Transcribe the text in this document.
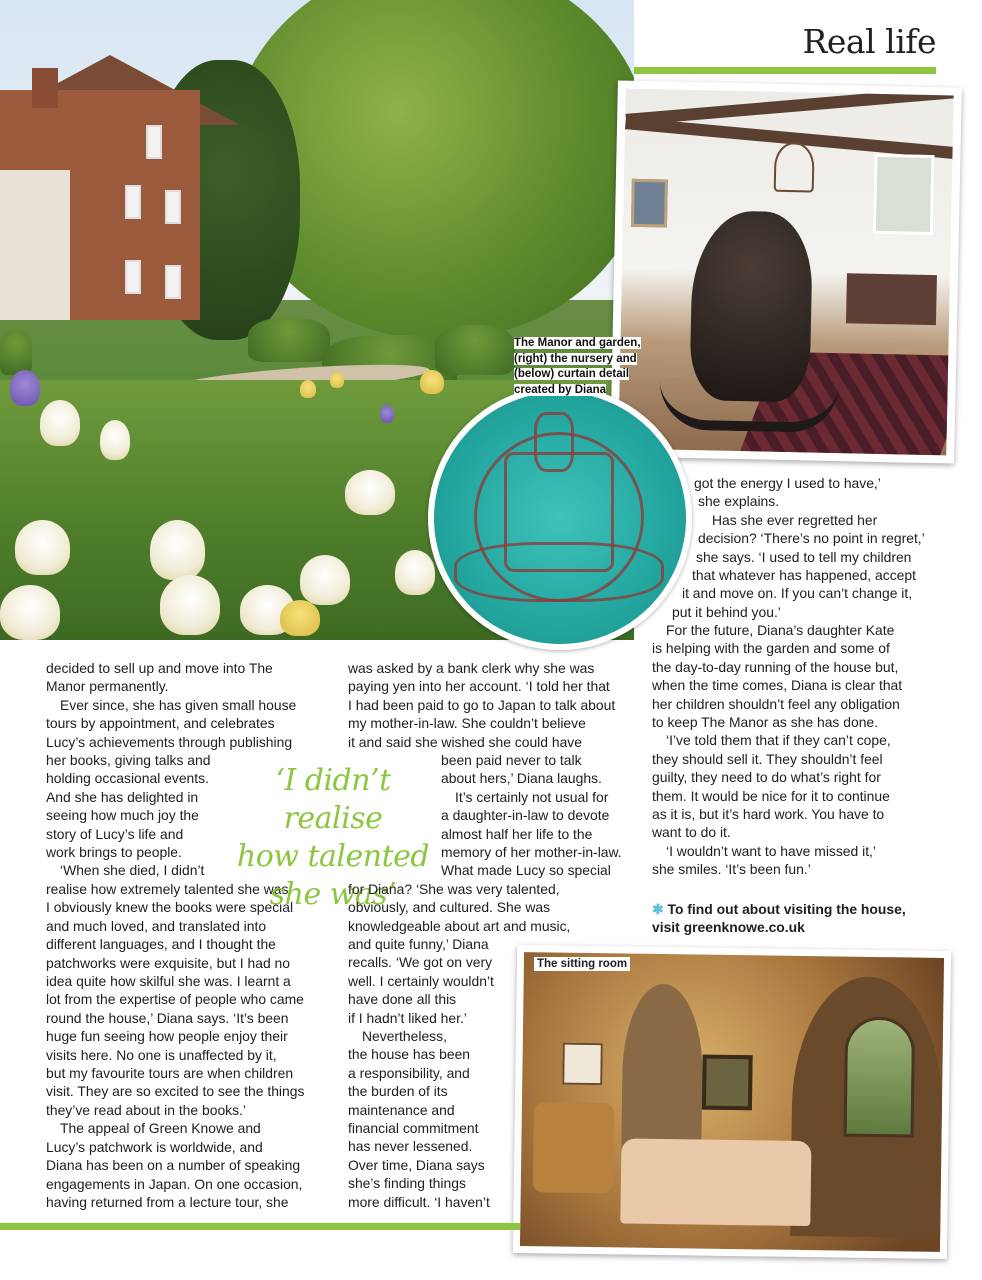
Real life
The Manor and garden,
(right) the nursery and
(below) curtain detail
created by Diana
The sitting room

decided to sell up and move into The

Manor permanently.

Ever since, she has given small house

tours by appointment, and celebrates

Lucy’s achievements through publishing

her books, giving talks and

holding occasional events.

And she has delighted in

seeing how much joy the

story of Lucy’s life and

work brings to people.

‘When she died, I didn’t

realise how extremely talented she was.

I obviously knew the books were special

and much loved, and translated into

different languages, and I thought the

patchworks were exquisite, but I had no

idea quite how skilful she was. I learnt a

lot from the expertise of people who came

round the house,’ Diana says. ‘It’s been

huge fun seeing how people enjoy their

visits here. No one is unaffected by it,

but my favourite tours are when children

visit. They are so excited to see the things

they’ve read about in the books.’

The appeal of Green Knowe and

Lucy’s patchwork is worldwide, and

Diana has been on a number of speaking

engagements in Japan. On one occasion,

having returned from a lecture tour, she

‘I didn’t realise
how talented
she was’

was asked by a bank clerk why she was

paying yen into her account. ‘I told her that

I had been paid to go to Japan to talk about

my mother-in-law. She couldn’t believe

it and said she wished she could have

been paid never to talk

about hers,’ Diana laughs.

It’s certainly not usual for

a daughter-in-law to devote

almost half her life to the

memory of her mother-in-law.

What made Lucy so special

for Diana? ‘She was very talented,

obviously, and cultured. She was

knowledgeable about art and music,

and quite funny,’ Diana

recalls. ‘We got on very

well. I certainly wouldn’t

have done all this

if I hadn’t liked her.’

Nevertheless,

the house has been

a responsibility, and

the burden of its

maintenance and

financial commitment

has never lessened.

Over time, Diana says

she’s finding things

more difficult. ‘I haven’t

got the energy I used to have,’

she explains.

Has she ever regretted her

decision? ‘There’s no point in regret,’

she says. ‘I used to tell my children

that whatever has happened, accept

it and move on. If you can’t change it,

put it behind you.’

For the future, Diana’s daughter Kate

is helping with the garden and some of

the day-to-day running of the house but,

when the time comes, Diana is clear that

her children shouldn’t feel any obligation

to keep The Manor as she has done.

‘I’ve told them that if they can’t cope,

they should sell it. They shouldn’t feel

guilty, they need to do what’s right for

them. It would be nice for it to continue

as it is, but it’s hard work. You have to

want to do it.

‘I wouldn’t want to have missed it,’

she smiles. ‘It’s been fun.’

✱ To find out about visiting the house,

visit greenknowe.co.uk
